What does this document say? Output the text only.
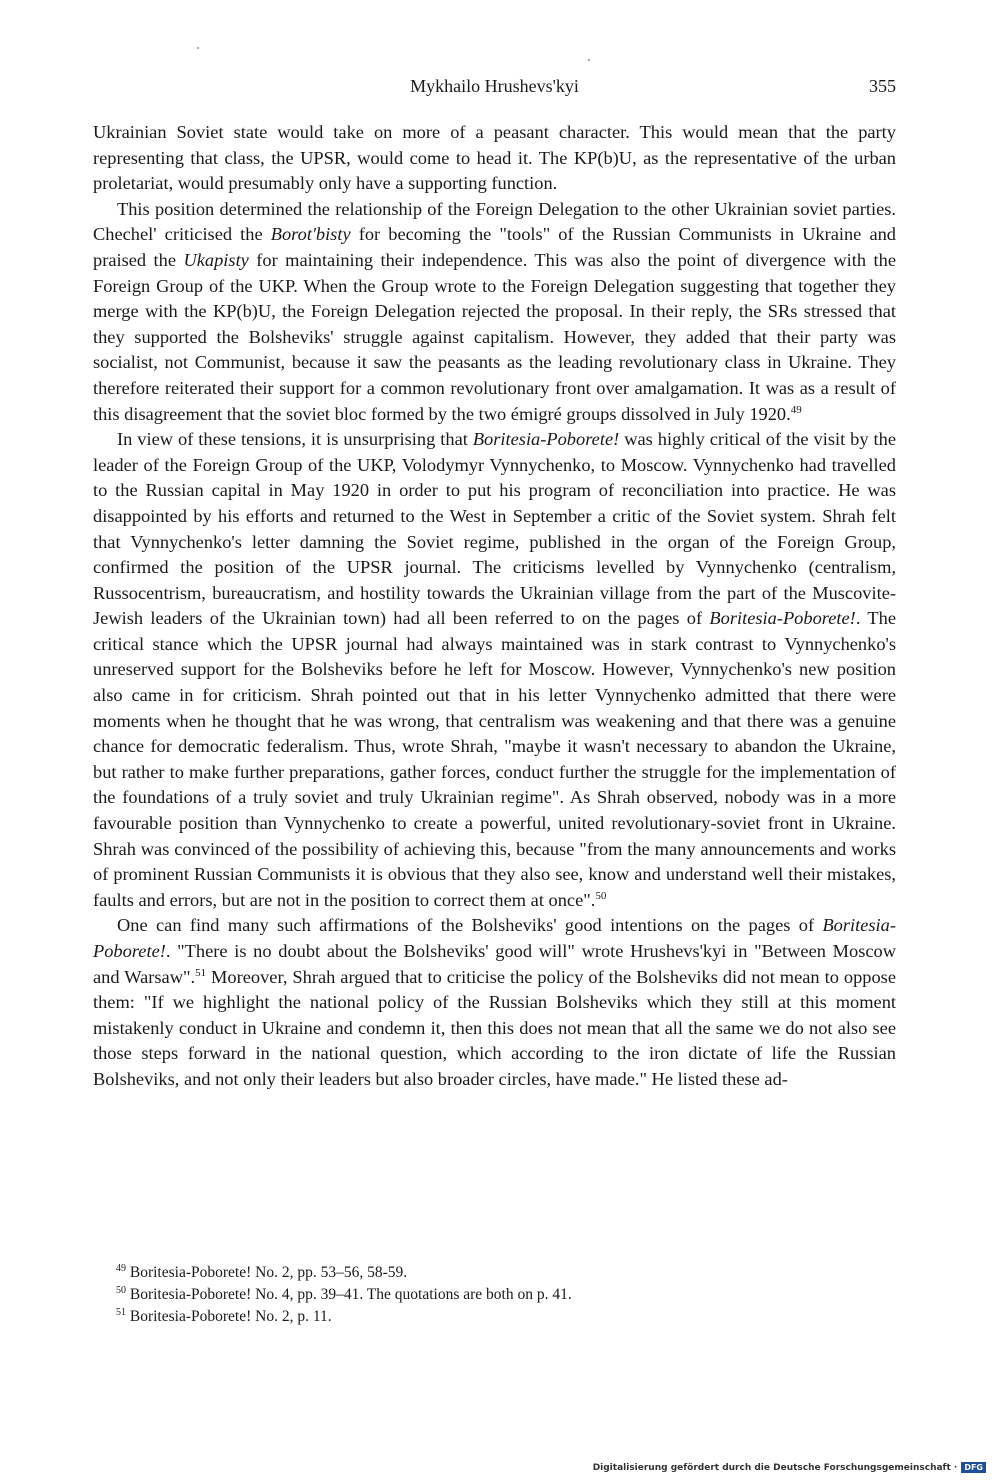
Mykhailo Hrushevs'kyi	355

Ukrainian Soviet state would take on more of a peasant character. This would mean that the party representing that class, the UPSR, would come to head it. The KP(b)U, as the representative of the urban proletariat, would presumably only have a supporting function.

This position determined the relationship of the Foreign Delegation to the other Ukrainian soviet parties. Chechel' criticised the Borot'bisty for becoming the "tools" of the Russian Communists in Ukraine and praised the Ukapisty for maintaining their independence. This was also the point of divergence with the Foreign Group of the UKP. When the Group wrote to the Foreign Delegation suggesting that together they merge with the KP(b)U, the Foreign Delegation rejected the proposal. In their reply, the SRs stressed that they supported the Bolsheviks' struggle against capitalism. However, they added that their party was socialist, not Communist, because it saw the peasants as the leading revolutionary class in Ukraine. They therefore reiterated their support for a common revolutionary front over amalgamation. It was as a result of this disagreement that the soviet bloc formed by the two émigré groups dissolved in July 1920.49

In view of these tensions, it is unsurprising that Boritesia-Poborete! was highly critical of the visit by the leader of the Foreign Group of the UKP, Volodymyr Vynnychenko, to Moscow. Vynnychenko had travelled to the Russian capital in May 1920 in order to put his program of reconciliation into practice. He was disappointed by his efforts and returned to the West in September a critic of the Soviet system. Shrah felt that Vynnychenko's letter damning the Soviet regime, published in the organ of the Foreign Group, confirmed the position of the UPSR journal. The criticisms levelled by Vynnychenko (centralism, Russocentrism, bureaucratism, and hostility towards the Ukrainian village from the part of the Muscovite-Jewish leaders of the Ukrainian town) had all been referred to on the pages of Boritesia-Poborete!. The critical stance which the UPSR journal had always maintained was in stark contrast to Vynnychenko's unreserved support for the Bolsheviks before he left for Moscow. However, Vynnychenko's new position also came in for criticism. Shrah pointed out that in his letter Vynnychenko admitted that there were moments when he thought that he was wrong, that centralism was weakening and that there was a genuine chance for democratic federalism. Thus, wrote Shrah, "maybe it wasn't necessary to abandon the Ukraine, but rather to make further preparations, gather forces, conduct further the struggle for the implementation of the foundations of a truly soviet and truly Ukrainian regime". As Shrah observed, nobody was in a more favourable position than Vynnychenko to create a powerful, united revolutionary-soviet front in Ukraine. Shrah was convinced of the possibility of achieving this, because "from the many announcements and works of prominent Russian Communists it is obvious that they also see, know and understand well their mistakes, faults and errors, but are not in the position to correct them at once".$^{50}$

One can find many such affirmations of the Bolsheviks' good intentions on the pages of Boritesia-Poborete!. "There is no doubt about the Bolsheviks' good will" wrote Hrushevs'kyi in "Between Moscow and Warsaw".$^{51}$ Moreover, Shrah argued that to criticise the policy of the Bolsheviks did not mean to oppose them: "If we highlight the national policy of the Russian Bolsheviks which they still at this moment mistakenly conduct in Ukraine and condemn it, then this does not mean that all the same we do not also see those steps forward in the national question, which according to the iron dictate of life the Russian Bolsheviks, and not only their leaders but also broader circles, have made." He listed these ad-

$^{49}$ Boritesia-Poborete! No. 2, pp. 53–56, 58-59.
$^{50}$ Boritesia-Poborete! No. 4, pp. 39–41. The quotations are both on p. 41.
$^{51}$ Boritesia-Poborete! No. 2, p. 11.
Digitalisierung gefördert durch die Deutsche Forschungsgemeinschaft · DFG
